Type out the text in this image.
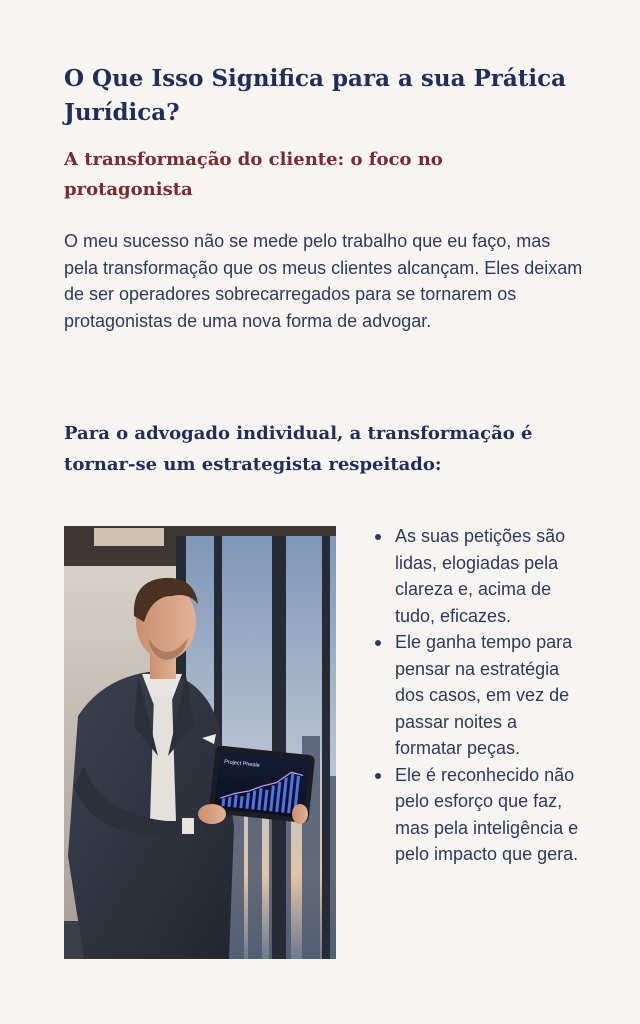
O Que Isso Significa para a sua Prática Jurídica?
A transformação do cliente: o foco no protagonista

O meu sucesso não se mede pelo trabalho que eu faço, mas pela transformação que os meus clientes alcançam. Eles deixam de ser operadores sobrecarregados para se tornarem os protagonistas de uma nova forma de advogar.

Para o advogado individual, a transformação é tornar-se um estrategista respeitado:
Project Pheale
As suas petições são lidas, elogiadas pela clareza e, acima de tudo, eficazes.
Ele ganha tempo para pensar na estratégia dos casos, em vez de passar noites a formatar peças.
Ele é reconhecido não pelo esforço que faz, mas pela inteligência e pelo impacto que gera.
